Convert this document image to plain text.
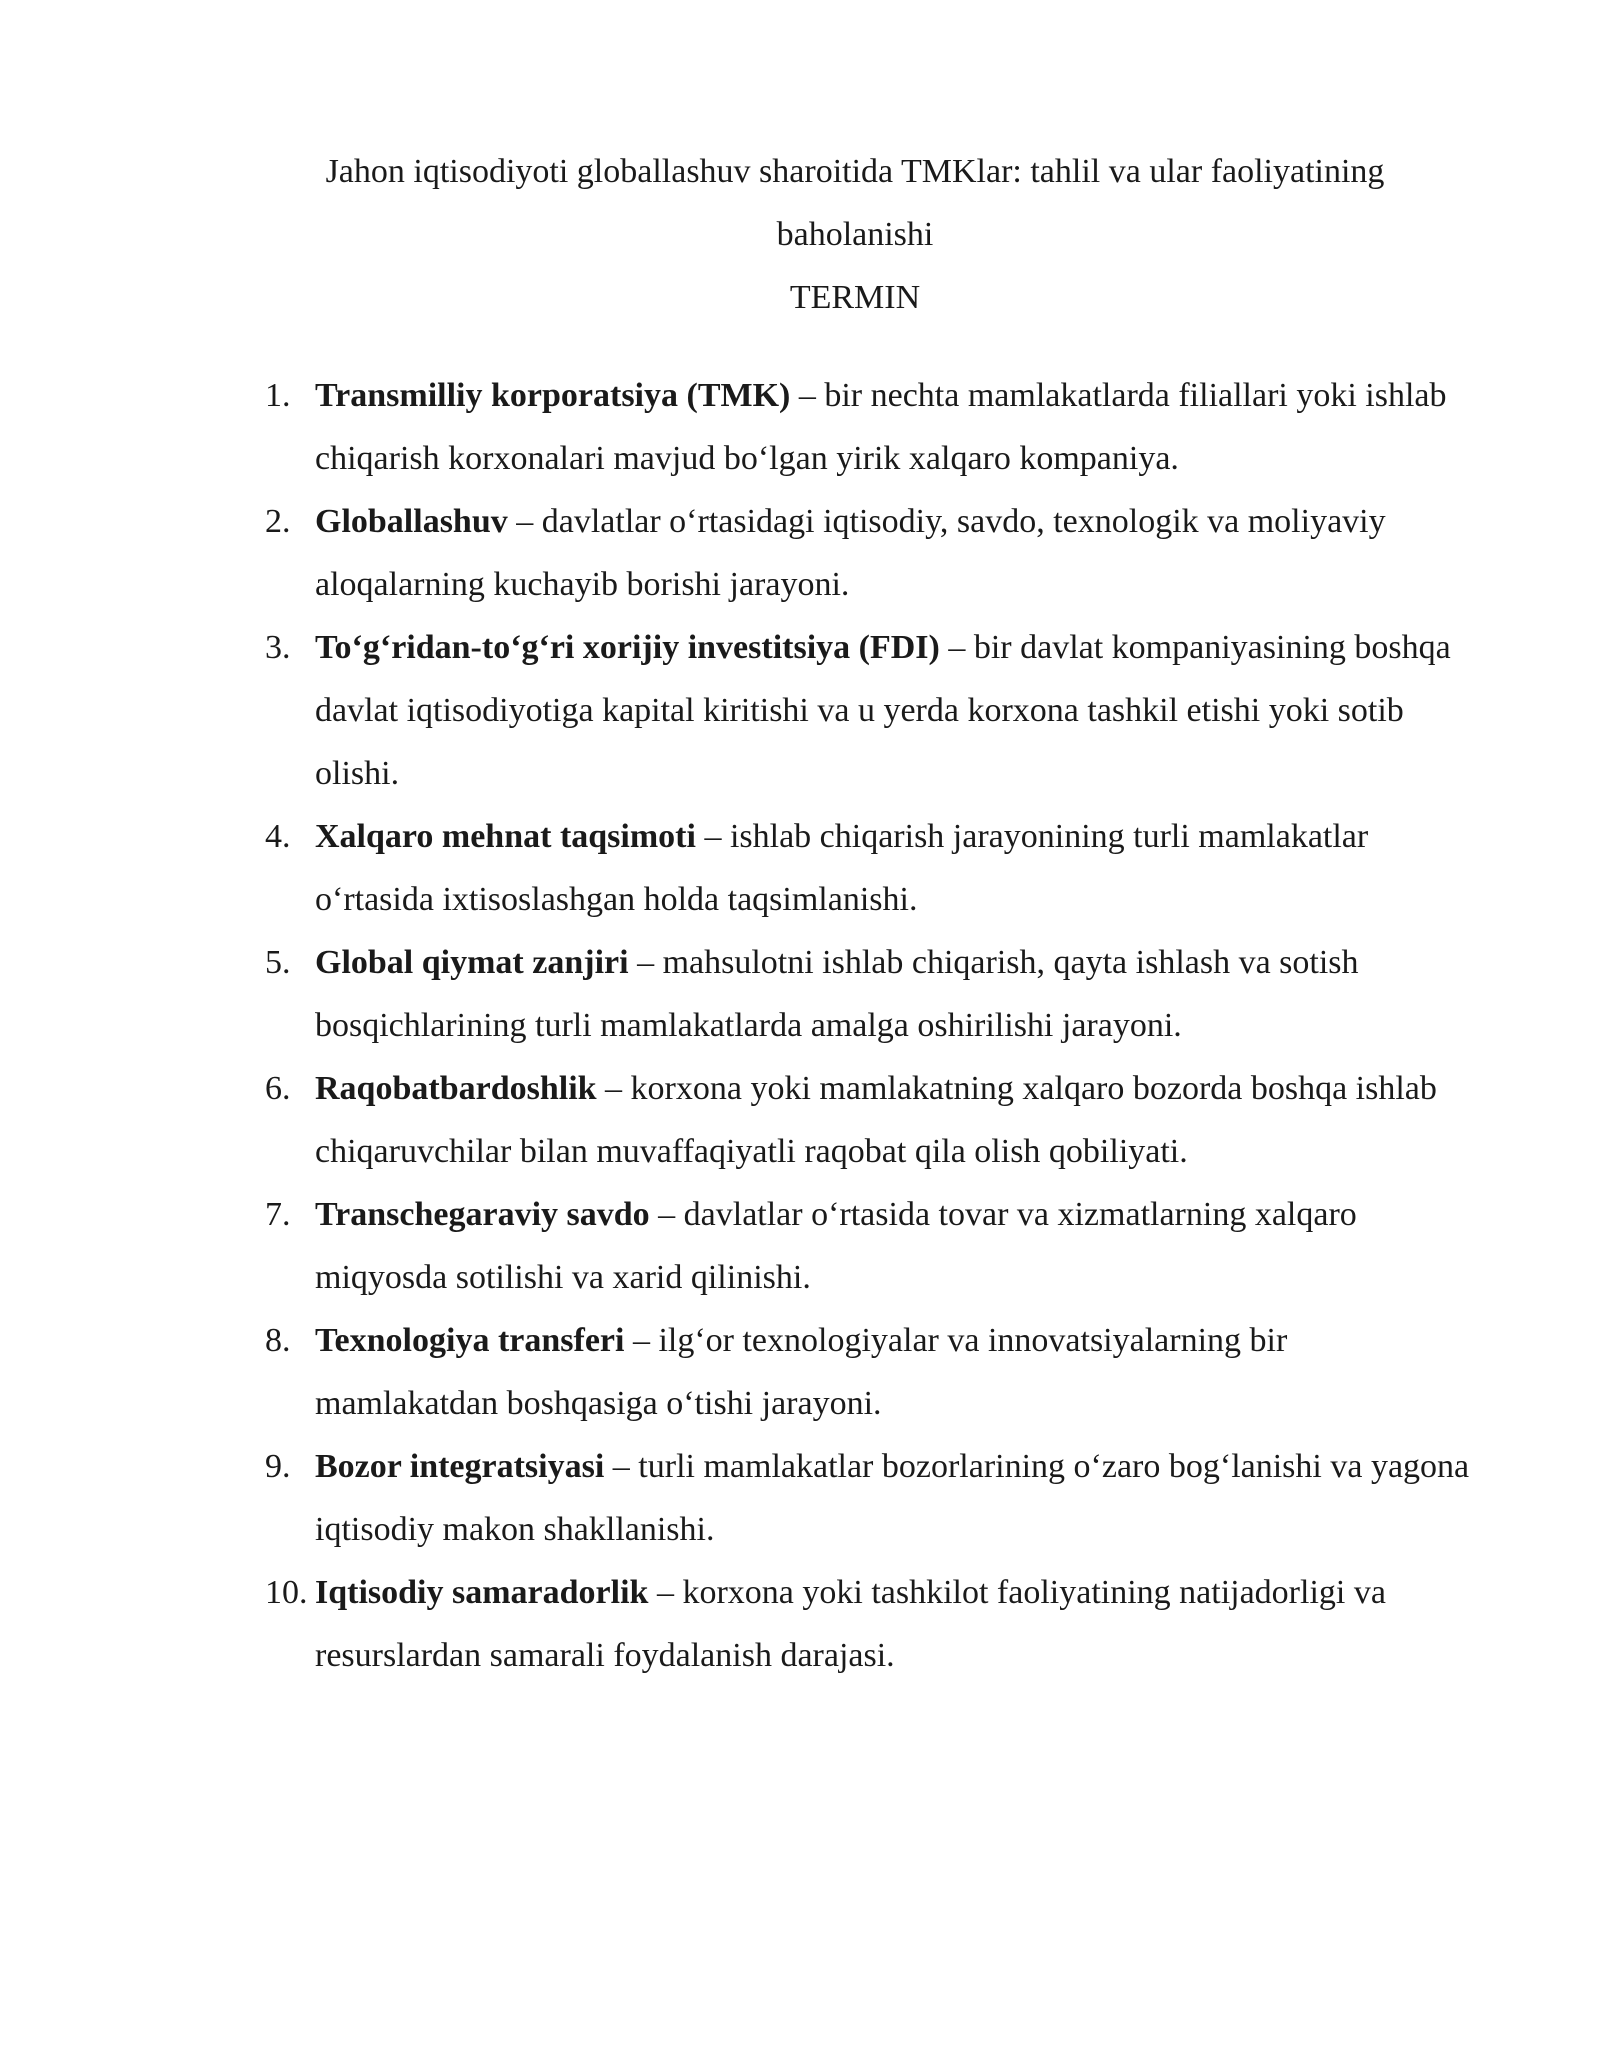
Jahon iqtisodiyoti globallashuv sharoitida TMKlar: tahlil va ular faoliyatining
baholanishi
TERMIN
1. Transmilliy korporatsiya (TMK) – bir nechta mamlakatlarda filiallari yoki ishlab chiqarish korxonalari mavjud bo‘lgan yirik xalqaro kompaniya.
2. Globallashuv – davlatlar o‘rtasidagi iqtisodiy, savdo, texnologik va moliyaviy aloqalarning kuchayib borishi jarayoni.
3. To‘g‘ridan-to‘g‘ri xorijiy investitsiya (FDI) – bir davlat kompaniyasining boshqa davlat iqtisodiyotiga kapital kiritishi va u yerda korxona tashkil etishi yoki sotib olishi.
4. Xalqaro mehnat taqsimoti – ishlab chiqarish jarayonining turli mamlakatlar o‘rtasida ixtisoslashgan holda taqsimlanishi.
5. Global qiymat zanjiri – mahsulotni ishlab chiqarish, qayta ishlash va sotish bosqichlarining turli mamlakatlarda amalga oshirilishi jarayoni.
6. Raqobatbardoshlik – korxona yoki mamlakatning xalqaro bozorda boshqa ishlab chiqaruvchilar bilan muvaffaqiyatli raqobat qila olish qobiliyati.
7. Transchegaraviy savdo – davlatlar o‘rtasida tovar va xizmatlarning xalqaro miqyosda sotilishi va xarid qilinishi.
8. Texnologiya transferi – ilg‘or texnologiyalar va innovatsiyalarning bir mamlakatdan boshqasiga o‘tishi jarayoni.
9. Bozor integratsiyasi – turli mamlakatlar bozorlarining o‘zaro bog‘lanishi va yagona iqtisodiy makon shakllanishi.
10. Iqtisodiy samaradorlik – korxona yoki tashkilot faoliyatining natijadorligi va resurslardan samarali foydalanish darajasi.
